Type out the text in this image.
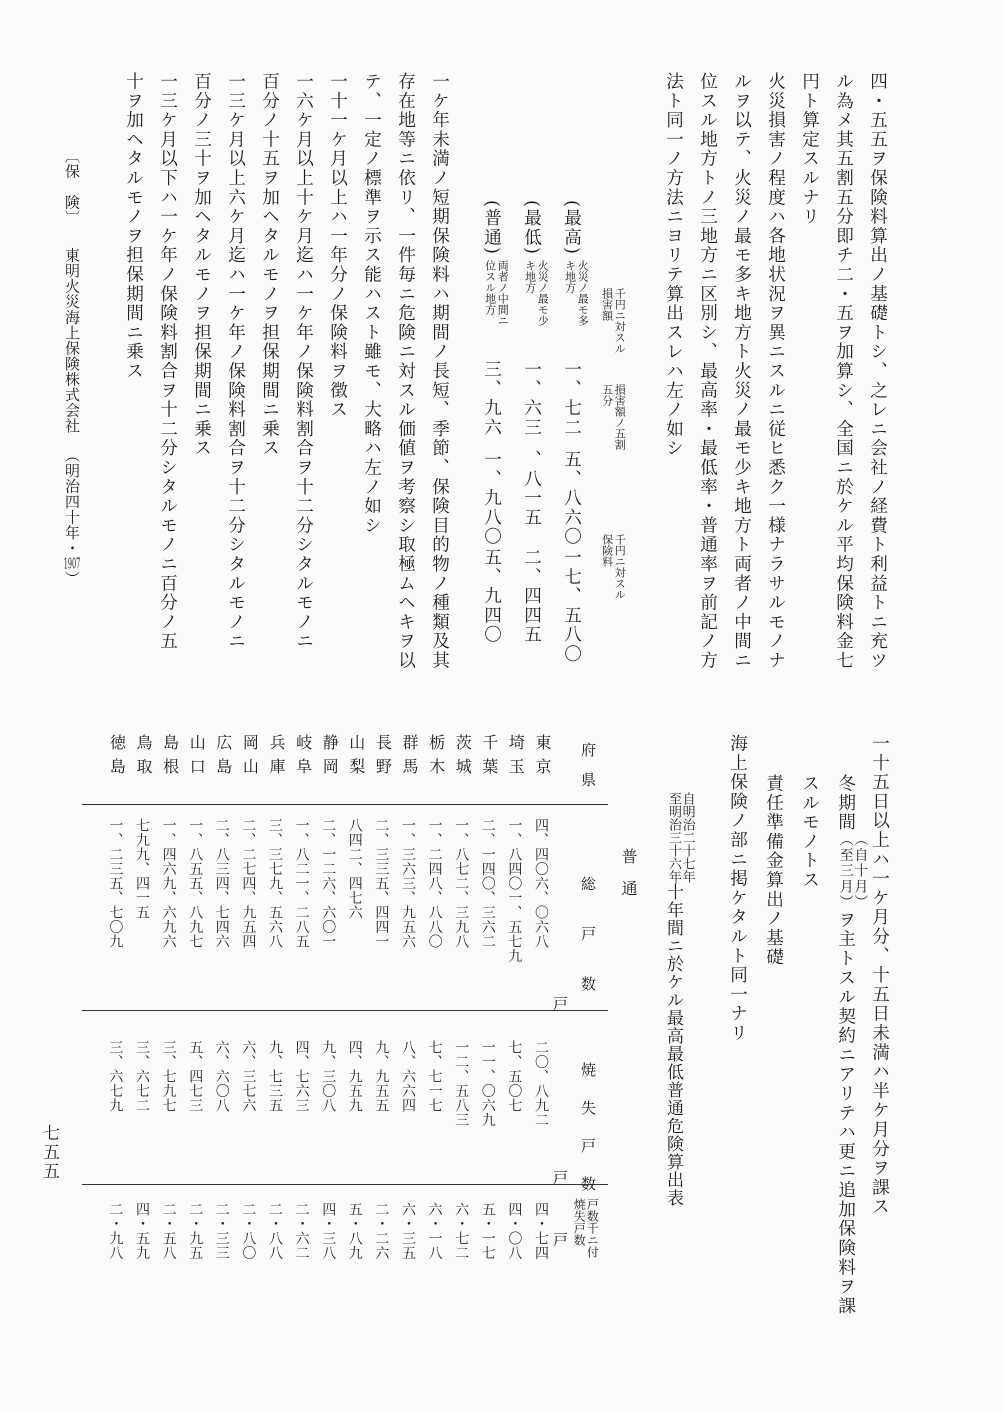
四・五五ヲ保険料算出ノ基礎トシ、之レニ会社ノ経費ト利益トニ充ツ
ル為メ其五割五分即チ二・五ヲ加算シ、全国ニ於ケル平均保険料金七
円ト算定スルナリ
火災損害ノ程度ハ各地状況ヲ異ニスルニ従ヒ悉ク一様ナラサルモノナ
ルヲ以テ、火災ノ最モ多キ地方ト火災ノ最モ少キ地方ト両者ノ中間ニ
位スル地方トノ三地方ニ区別シ、最高率・最低率・普通率ヲ前記ノ方
法ト同一ノ方法ニヨリテ算出スレハ左ノ如シ
千円ニ対スル損害額
損害額ノ五割五分
千円ニ対スル保険料
(最高)
火災ノ最モ多
キ地方
一、七二
五、八六〇
一七、五八〇
(最低)
火災ノ最モ少
キ地方
一、六三
、八一五
二、四四五
(普通)
両者ノ中間ニ
位スル地方
三、九六
一、九八〇
五、九四〇
一ケ年未満ノ短期保険料ハ期間ノ長短、季節、保険目的物ノ種類及其
存在地等ニ依リ、一件毎ニ危険ニ対スル価値ヲ考察シ取極ムヘキヲ以
テ、一定ノ標準ヲ示ス能ハスト雖モ、大略ハ左ノ如シ
一十一ケ月以上ハ一年分ノ保険料ヲ徴ス
一六ケ月以上十ケ月迄ハ一ケ年ノ保険料割合ヲ十二分シタルモノニ
百分ノ十五ヲ加ヘタルモノヲ担保期間ニ乗ス
一三ケ月以上六ケ月迄ハ一ケ年ノ保険料割合ヲ十二分シタルモノニ
百分ノ三十ヲ加ヘタルモノヲ担保期間ニ乗ス
一三ケ月以下ハ一ケ年ノ保険料割合ヲ十二分シタルモノニ百分ノ五
十ヲ加ヘタルモノヲ担保期間ニ乗ス
〔保　険〕東明火災海上保険株式会社（明治四十年・1907）
一十五日以上ハ一ケ月分、十五日未満ハ半ケ月分ヲ課ス
冬期間（自十月）
（至三月）ヲ主トスル契約ニアリテハ更ニ追加保険料ヲ課
スルモノトス
責任準備金算出ノ基礎
海上保険ノ部ニ掲ケタルト同一ナリ
自明治二十七年
至明治三十六年十年間ニ於ケル最高最低普通危険算出表
普　通
府　県
総　戸　数
戸
焼　失　戸　数
戸
戸数千ニ付
焼失戸数
戸
東京
四、四〇六、〇六八
二〇、八九二
四・七四
埼玉
一、八四〇一、五七九
七、五〇七
四・〇八
千葉
二、一四〇、三六二
一一、〇六九
五・一七
茨城
一、八七二、三九八
一二、五八三
六・七二
栃木
一、二四八、八八〇
七、七一七
六・一八
群馬
一、三六三、九五六
八、六六四
六・三五
長野
二、三三五、四四一
九、九五五
二・二六
山梨
八四二、四七六
四、九五九
五・八九
静岡
二、一二六、六〇一
九、三〇八
四・三八
岐阜
一、八二一、二八五
四、七六三
二・六二
兵庫
三、三七九、五六八
九、七三五
二・八八
岡山
二、二七四、九五四
六、三七六
二・八〇
広島
二、八三四、七四六
六、六〇八
二・三三
山口
一、八五五、八九七
五、四七三
二・九五
島根
一、四六九、六九六
三、七九七
二・五八
鳥取
七九九、四一五
三、六七二
四・五九
徳島
一、二三五、七〇九
三、六七九
二・九八
七五五
